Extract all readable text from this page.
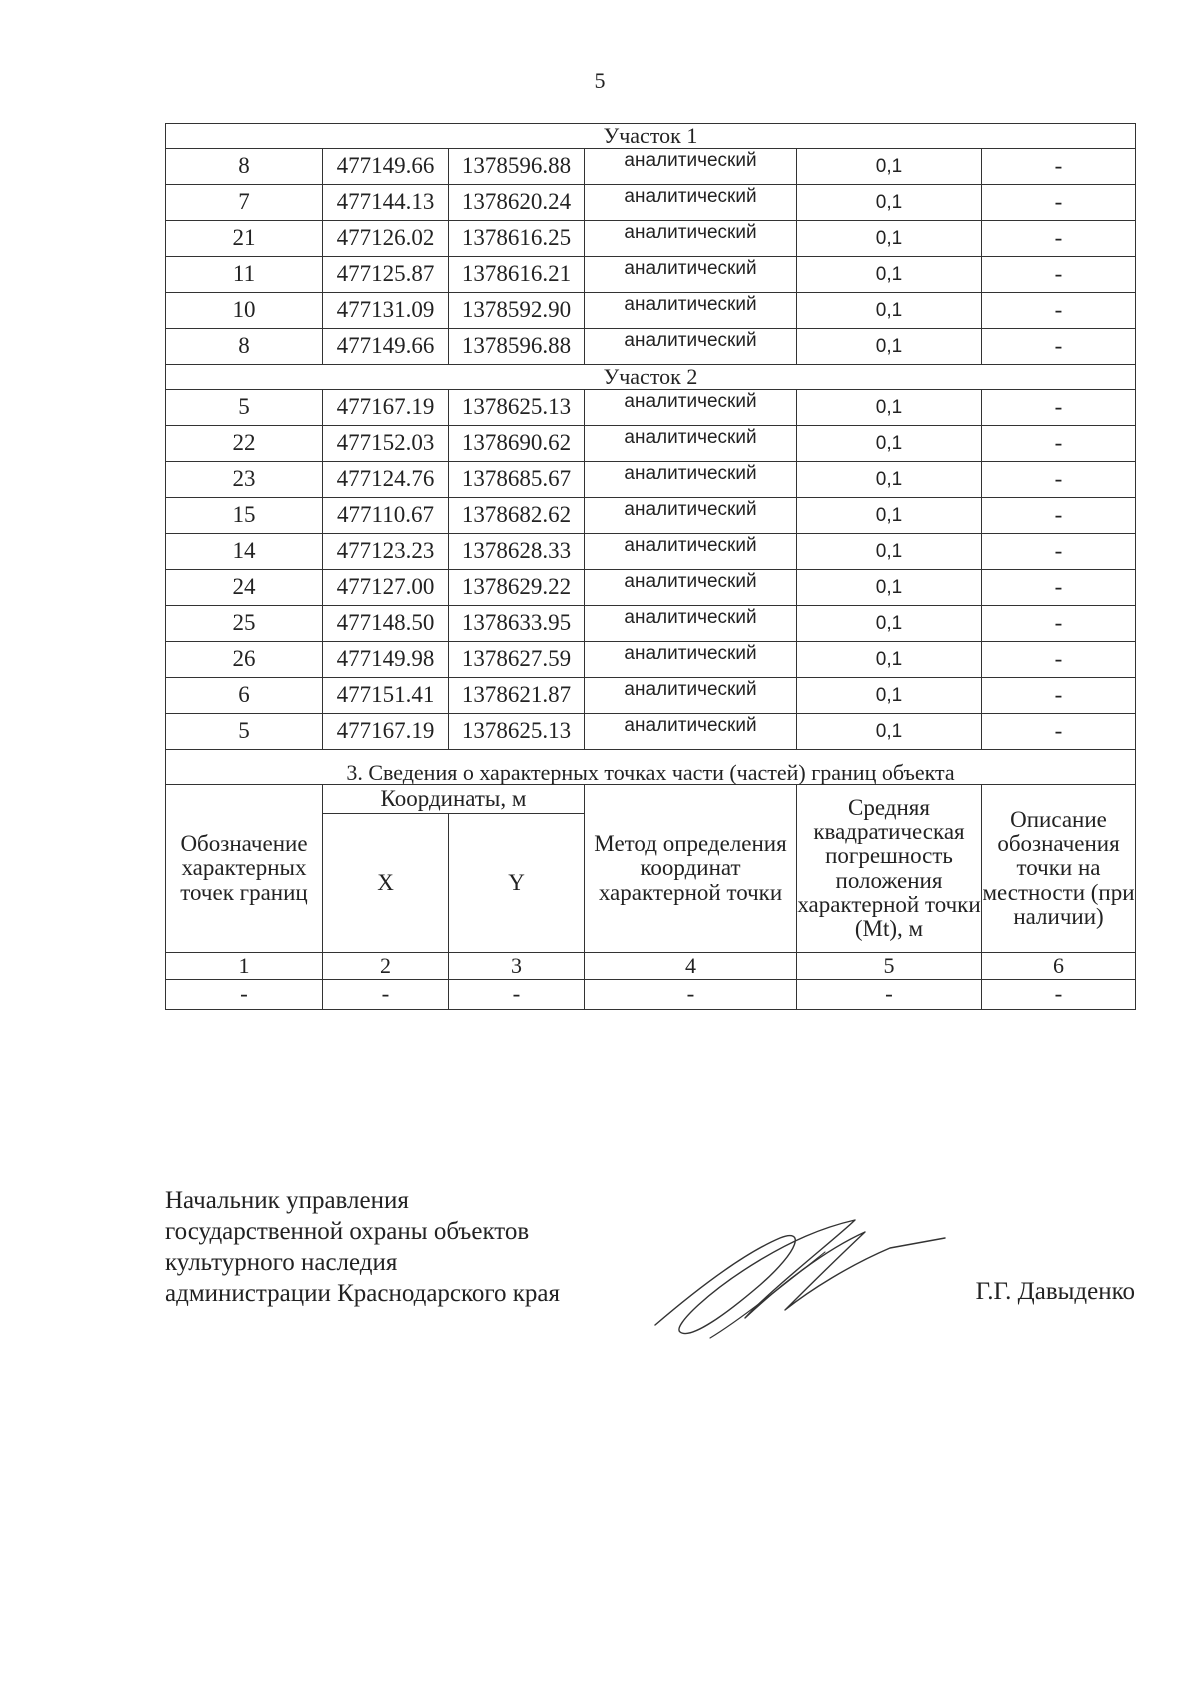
5
Участок 1					
8	477149.66	1378596.88	аналитический	0,1	-
7	477144.13	1378620.24	аналитический	0,1	-
21	477126.02	1378616.25	аналитический	0,1	-
11	477125.87	1378616.21	аналитический	0,1	-
10	477131.09	1378592.90	аналитический	0,1	-
8	477149.66	1378596.88	аналитический	0,1	-
Участок 2					
5	477167.19	1378625.13	аналитический	0,1	-
22	477152.03	1378690.62	аналитический	0,1	-
23	477124.76	1378685.67	аналитический	0,1	-
15	477110.67	1378682.62	аналитический	0,1	-
14	477123.23	1378628.33	аналитический	0,1	-
24	477127.00	1378629.22	аналитический	0,1	-
25	477148.50	1378633.95	аналитический	0,1	-
26	477149.98	1378627.59	аналитический	0,1	-
6	477151.41	1378621.87	аналитический	0,1	-
5	477167.19	1378625.13	аналитический	0,1	-
3. Сведения о характерных точках части (частей) границ объекта					
Обозначение характерных точек границ	Координаты, м		Метод определения координат характерной точки	Средняя квадратическая погрешность положения характерной точки (Mt), м	Описание обозначения точки на местности (при наличии)
	X	Y			
1	2	3	4	5	6
-	-	-	-	-	-
Начальник управления
государственной охраны объектов
культурного наследия
администрации Краснодарского края	Г.Г. Давыденко
